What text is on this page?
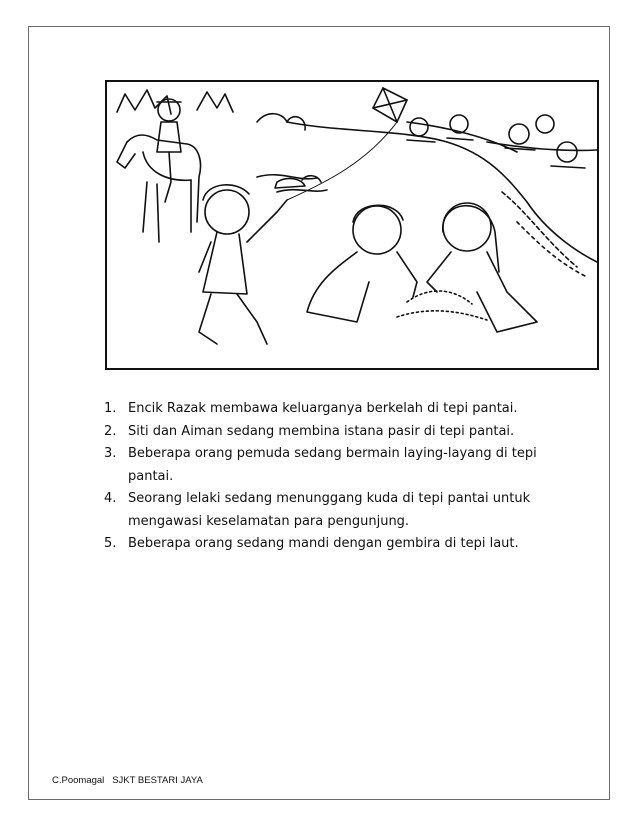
1. Encik Razak membawa keluarganya berkelah di tepi pantai.
2. Siti dan Aiman sedang membina istana pasir di tepi pantai.
3. Beberapa orang pemuda sedang bermain laying-layang di tepi pantai.
4. Seorang lelaki sedang menunggang kuda di tepi pantai untuk mengawasi keselamatan para pengunjung.
5. Beberapa orang sedang mandi dengan gembira di tepi laut.
C.Poomagal SJKT BESTARI JAYA
